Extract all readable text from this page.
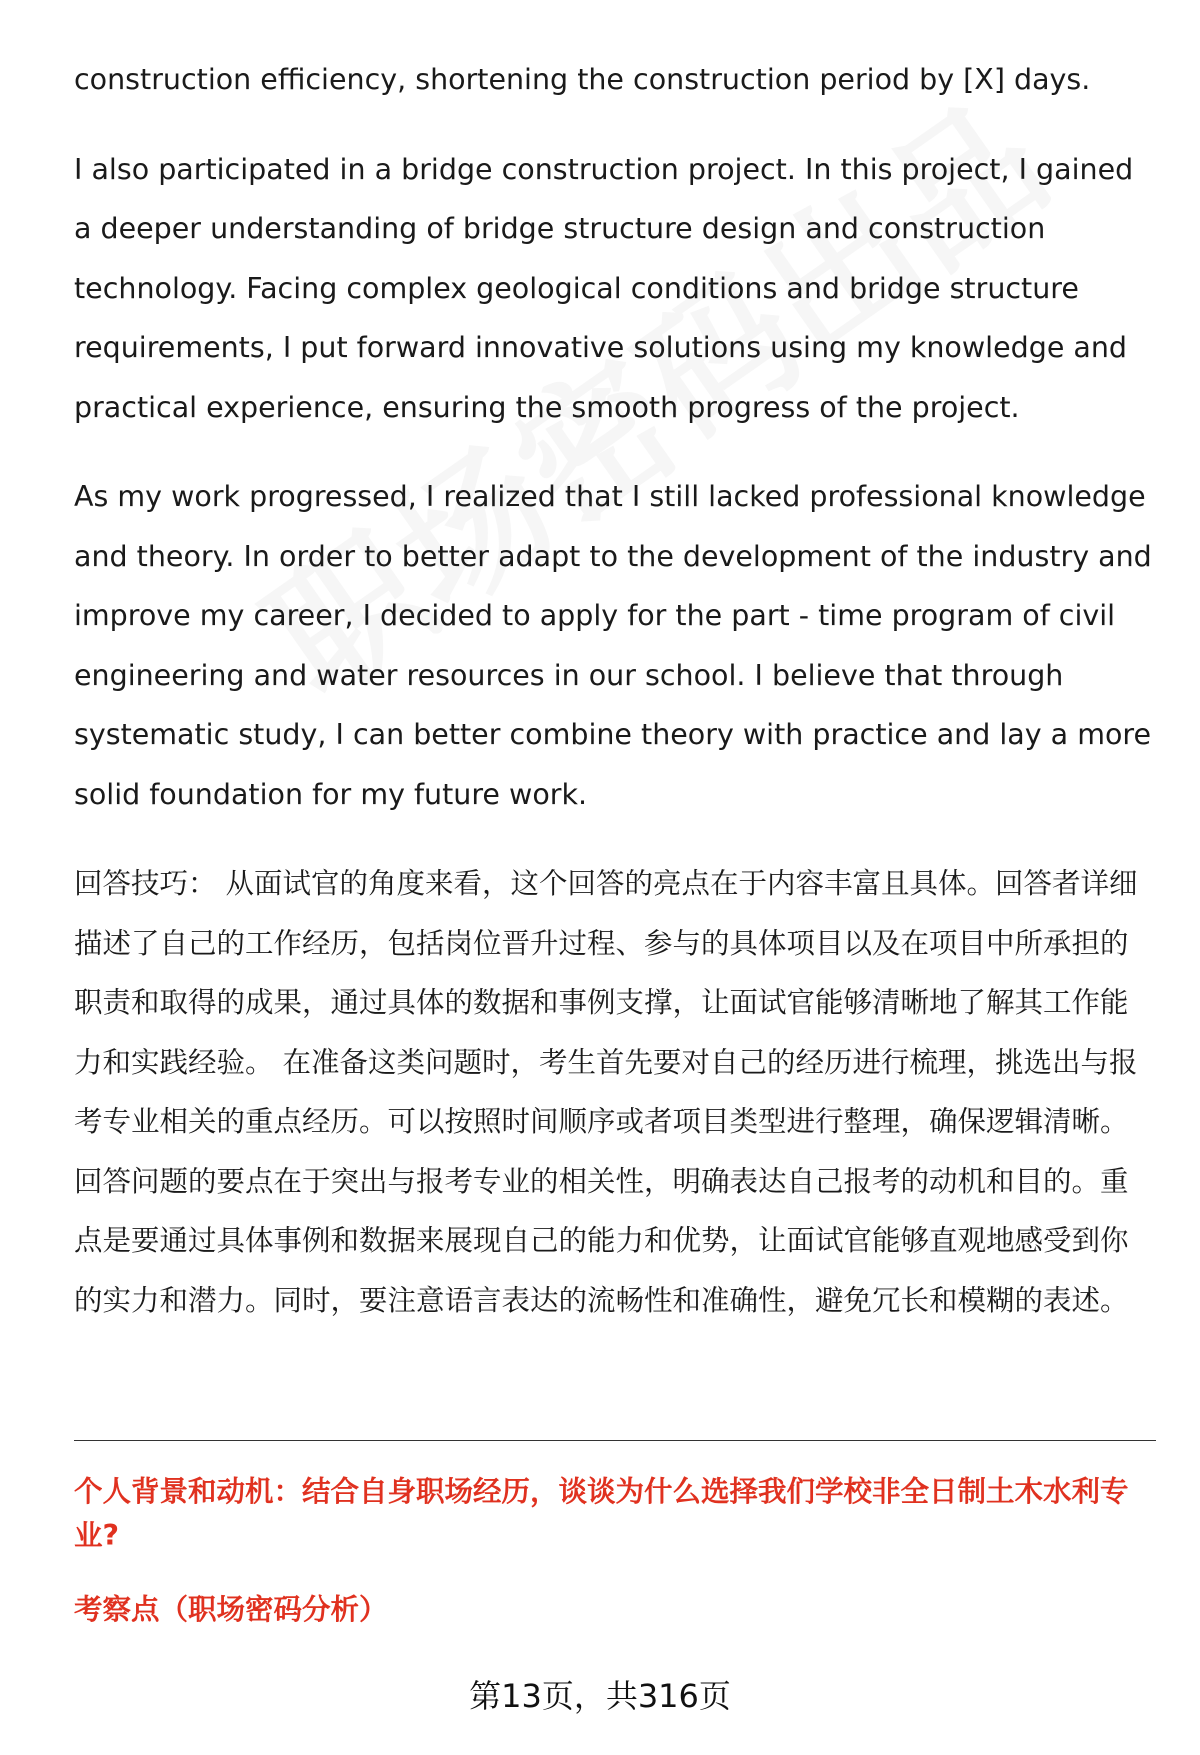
construction efficiency, shortening the construction period by [X] days.

I also participated in a bridge construction project. In this project, I gained a deeper understanding of bridge structure design and construction technology. Facing complex geological conditions and bridge structure requirements, I put forward innovative solutions using my knowledge and practical experience, ensuring the smooth progress of the project.

As my work progressed, I realized that I still lacked professional knowledge and theory. In order to better adapt to the development of the industry and improve my career, I decided to apply for the part - time program of civil engineering and water resources in our school. I believe that through systematic study, I can better combine theory with practice and lay a more solid foundation for my future work.

回答技巧： 从面试官的角度来看，这个回答的亮点在于内容丰富且具体。回答者详细描述了自己的工作经历，包括岗位晋升过程、参与的具体项目以及在项目中所承担的职责和取得的成果，通过具体的数据和事例支撑，让面试官能够清晰地了解其工作能力和实践经验。 在准备这类问题时，考生首先要对自己的经历进行梳理，挑选出与报考专业相关的重点经历。可以按照时间顺序或者项目类型进行整理，确保逻辑清晰。 回答问题的要点在于突出与报考专业的相关性，明确表达自己报考的动机和目的。重点是要通过具体事例和数据来展现自己的能力和优势，让面试官能够直观地感受到你的实力和潜力。同时，要注意语言表达的流畅性和准确性，避免冗长和模糊的表述。

个人背景和动机：结合自身职场经历，谈谈为什么选择我们学校非全日制土木水利专业?

考察点（职场密码分析）

第13页，共316页
